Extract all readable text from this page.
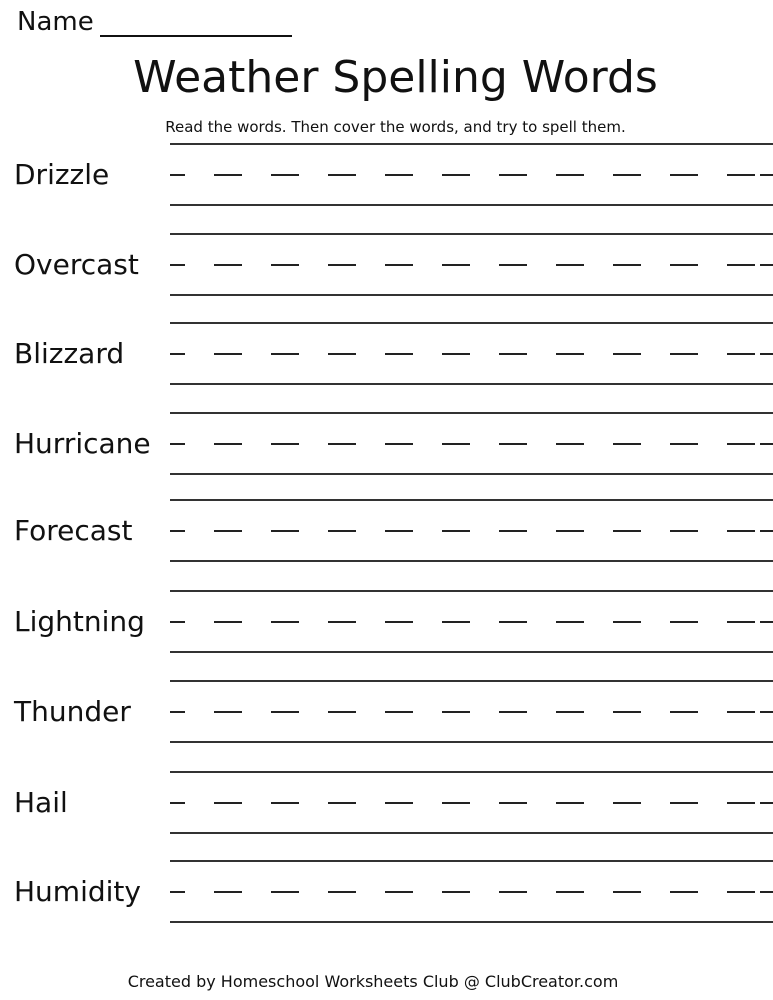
Name
Weather Spelling Words
Read the words. Then cover the words, and try to spell them.
Drizzle
Overcast
Blizzard
Hurricane
Forecast
Lightning
Thunder
Hail
Humidity
Created by Homeschool Worksheets Club @ ClubCreator.com
